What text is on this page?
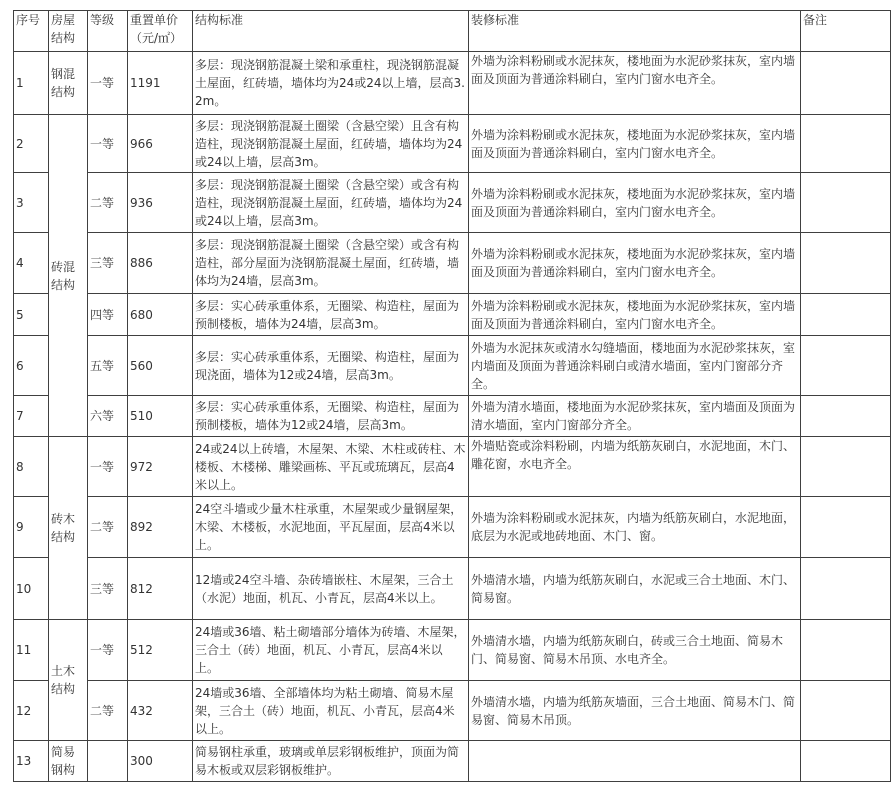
序号	房屋结构	等级	重置单价（元/㎡）	结构标准	装修标准	备注
1	钢混结构	一等	1191	多层：现浇钢筋混凝土梁和承重柱，现浇钢筋混凝土屋面，红砖墙，墙体均为24或24以上墙，层高3.2m。	外墙为涂料粉刷或水泥抹灰，楼地面为水泥砂浆抹灰，室内墙面及顶面为普通涂料刷白，室内门窗水电齐全。	
2	砖混结构	一等	966	多层：现浇钢筋混凝土圈梁（含悬空梁）且含有构造柱，现浇钢筋混凝土屋面，红砖墙，墙体均为24或24以上墙，层高3m。	外墙为涂料粉刷或水泥抹灰，楼地面为水泥砂浆抹灰，室内墙面及顶面为普通涂料刷白，室内门窗水电齐全。	
3		二等	936	多层：现浇钢筋混凝土圈梁（含悬空梁）或含有构造柱，现浇钢筋混凝土屋面，红砖墙，墙体均为24或24以上墙，层高3m。	外墙为涂料粉刷或水泥抹灰，楼地面为水泥砂浆抹灰，室内墙面及顶面为普通涂料刷白，室内门窗水电齐全。	
4		三等	886	多层：现浇钢筋混凝土圈梁（含悬空梁）或含有构造柱，部分屋面为浇钢筋混凝土屋面，红砖墙，墙体均为24墙，层高3m。	外墙为涂料粉刷或水泥抹灰，楼地面为水泥砂浆抹灰，室内墙面及顶面为普通涂料刷白，室内门窗水电齐全。	
5		四等	680	多层：实心砖承重体系，无圈梁、构造柱，屋面为预制楼板，墙体为24墙，层高3m。	外墙为涂料粉刷或水泥抹灰，楼地面为水泥砂浆抹灰，室内墙面及顶面为普通涂料刷白，室内门窗水电齐全。	
6		五等	560	多层：实心砖承重体系，无圈梁、构造柱，屋面为现浇面，墙体为12或24墙，层高3m。	外墙为水泥抹灰或清水勾缝墙面，楼地面为水泥砂浆抹灰，室内墙面及顶面为普通涂料刷白或清水墙面，室内门窗部分齐全。	
7		六等	510	多层：实心砖承重体系，无圈梁、构造柱，屋面为预制楼板，墙体为12或24墙，层高3m。	外墙为清水墙面，楼地面为水泥砂浆抹灰，室内墙面及顶面为清水墙面，室内门窗部分齐全。	
8	砖木结构	一等	972	24或24以上砖墙，木屋架、木梁、木柱或砖柱、木楼板、木楼梯、雕梁画栋、平瓦或琉璃瓦，层高4米以上。	外墙贴瓷或涂料粉刷，内墙为纸筋灰刷白，水泥地面，木门、雕花窗，水电齐全。	
9		二等	892	24空斗墙或少量木柱承重，木屋架或少量钢屋架，木梁、木楼板，水泥地面，平瓦屋面，层高4米以上。	外墙为涂料粉刷或水泥抹灰，内墙为纸筋灰刷白，水泥地面，底层为水泥或地砖地面、木门、窗。	
10		三等	812	12墙或24空斗墙、杂砖墙嵌柱、木屋架，三合土（水泥）地面，机瓦、小青瓦，层高4米以上。	外墙清水墙，内墙为纸筋灰刷白，水泥或三合土地面、木门、简易窗。	
11	土木结构	一等	512	24墙或36墙、粘土砌墙部分墙体为砖墙、木屋架，三合土（砖）地面，机瓦、小青瓦，层高4米以上。	外墙清水墙，内墙为纸筋灰刷白，砖或三合土地面、简易木门、简易窗、简易木吊顶、水电齐全。	
12		二等	432	24墙或36墙、全部墙体均为粘土砌墙、简易木屋架，三合土（砖）地面，机瓦、小青瓦，层高4米以上。	外墙清水墙，内墙为纸筋灰墙面，三合土地面、简易木门、简易窗、简易木吊顶。	
13	简易钢构		300	简易钢柱承重，玻璃或单层彩钢板维护，顶面为简易木板或双层彩钢板维护。		
